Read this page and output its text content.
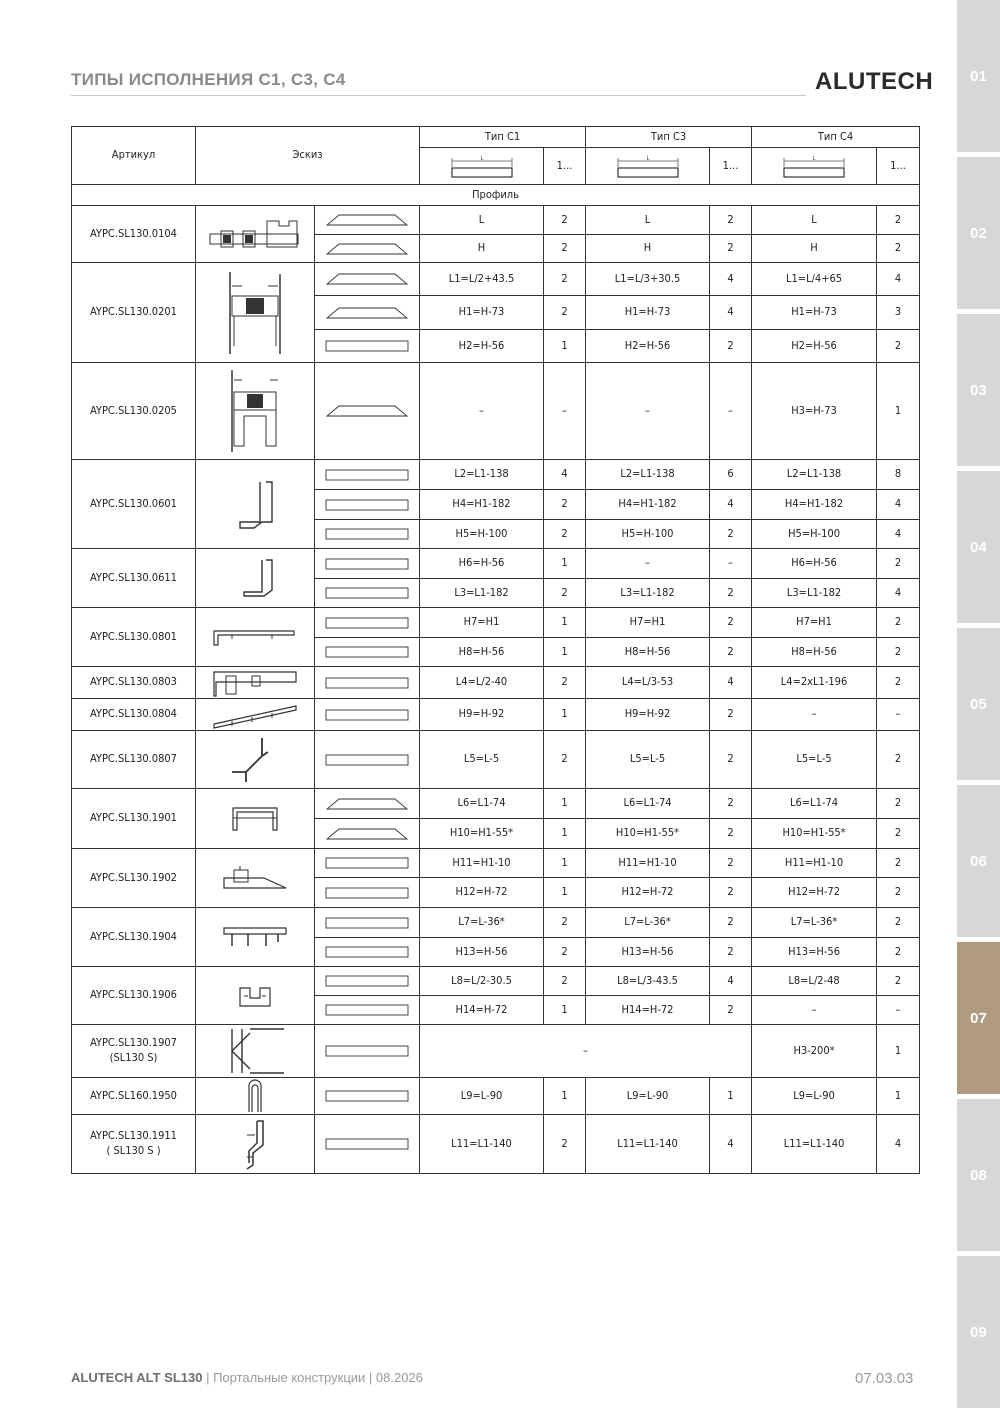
ТИПЫ ИСПОЛНЕНИЯ С1, С3, С4	ALUTECH	01
02
03
04
05
06
07
08
09
Артикул	Эскиз		Тип С1		Тип С3		Тип С4	

L	1...	L	1...	L	1...
Профиль								
AYPC.SL130.0104			L	2	L	2	L	2

	H	2	H	2	H	2
AYPC.SL130.0201			L1=L/2+43.5	2	L1=L/3+30.5	4	L1=L/4+65	4

	H1=H-73	2	H1=H-73	4	H1=H-73	3

	H2=H-56	1	H2=H-56	2	H2=H-56	2
AYPC.SL130.0205			–	–	–	–	H3=H-73	1
AYPC.SL130.0601			L2=L1-138	4	L2=L1-138	6	L2=L1-138	8

	H4=H1-182	2	H4=H1-182	4	H4=H1-182	4

	H5=H-100	2	H5=H-100	2	H5=H-100	4
AYPC.SL130.0611			H6=H-56	1	–	–	H6=H-56	2

	L3=L1-182	2	L3=L1-182	2	L3=L1-182	4
AYPC.SL130.0801			H7=H1	1	H7=H1	2	H7=H1	2

	H8=H-56	1	H8=H-56	2	H8=H-56	2
AYPC.SL130.0803			L4=L/2-40	2	L4=L/3-53	4	L4=2xL1-196	2
AYPC.SL130.0804			H9=H-92	1	H9=H-92	2	–	–
AYPC.SL130.0807			L5=L-5	2	L5=L-5	2	L5=L-5	2
AYPC.SL130.1901			L6=L1-74	1	L6=L1-74	2	L6=L1-74	2

	H10=H1-55*	1	H10=H1-55*	2	H10=H1-55*	2
AYPC.SL130.1902			H11=H1-10	1	H11=H1-10	2	H11=H1-10	2

	H12=H-72	1	H12=H-72	2	H12=H-72	2
AYPC.SL130.1904			L7=L-36*	2	L7=L-36*	2	L7=L-36*	2

	H13=H-56	2	H13=H-56	2	H13=H-56	2
AYPC.SL130.1906			L8=L/2-30.5	2	L8=L/3-43.5	4	L8=L/2-48	2

	H14=H-72	1	H14=H-72	2	–	–
AYPC.SL130.1907
(SL130 S)			–				H3-200*	1
AYPC.SL160.1950			L9=L-90	1	L9=L-90	1	L9=L-90	1
AYPC.SL130.1911
( SL130 S )			L11=L1-140	2	L11=L1-140	4	L11=L1-140	4
ALUTECH ALT SL130 | Портальные конструкции | 08.2026	07.03.03
